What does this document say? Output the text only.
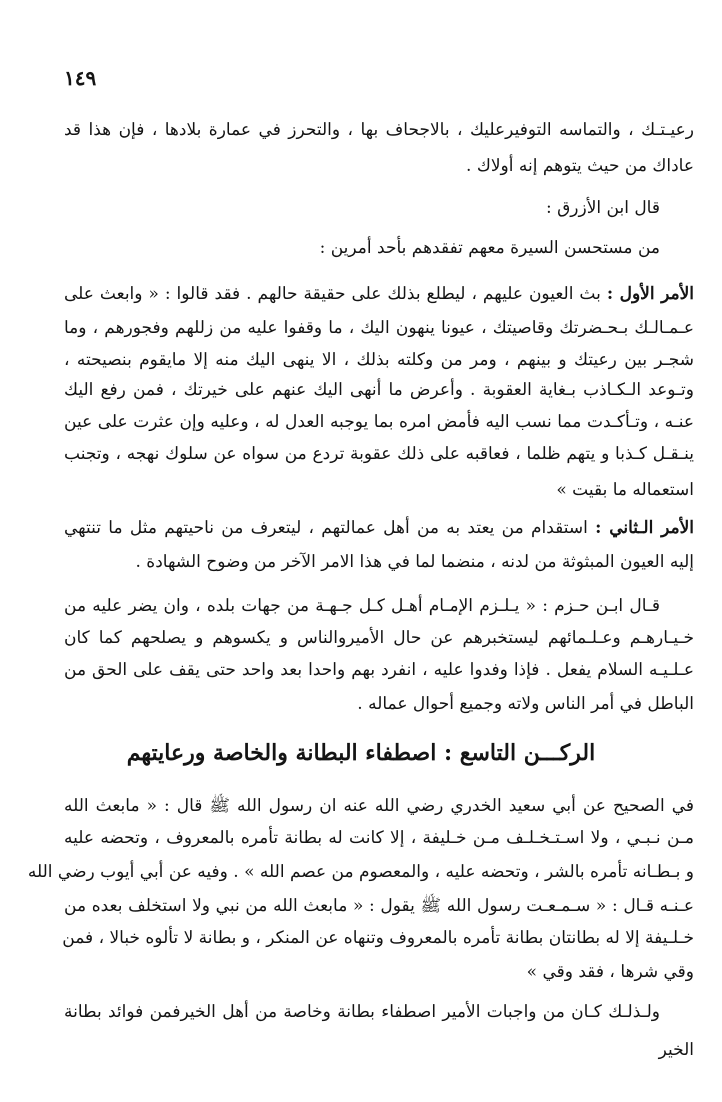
١٤٩
رعيـتـك ، والتماسه التوفيرعليك ، بالاجحاف بها ، والتحرز في عمارة بلادها ، فإن هذا قد
عاداك من حيث يتوهم إنه أولاك .
قال ابن الأزرق :
من مستحسن السيرة معهم تفقدهم بأحد أمرين :
الأمر الأول : بث العيون عليهم ، ليطلع بذلك على حقيقة حالهم . فقد قالوا : « وابعث على
عـمـالـك بـحـضرتك وقاصيتك ، عيونا ينهون اليك ، ما وقفوا عليه من زللهم وفجورهم ، وما
شجـر بين رعيتك و بينهم ، ومر من وكلته بذلك ، الا ينهى اليك منه إلا مايقوم بنصيحته ،
وتـوعد الـكـاذب بـغاية العقوبة . وأعرض ما أنهى اليك عنهم على خيرتك ، فمن رفع اليك
عنـه ، وتـأكـدت مما نسب اليه فأمض امره بما يوجبه العدل له ، وعليه وإن عثرت على عين
ينـقـل كـذبا و يتهم ظلما ، فعاقبه على ذلك عقوبة تردع من سواه عن سلوك نهجه ، وتجنب
استعماله ما بقيت »
الأمر الـثاني : استقدام من يعتد به من أهل عمالتهم ، ليتعرف من ناحيتهم مثل ما تنتهي
إليه العيون المبثوثة من لدنه ، منضما لما في هذا الامر الآخر من وضوح الشهادة .
قـال ابـن حـزم : « يـلـزم الإمـام أهـل كـل جـهـة من جهات بلده ، وان يضر عليه من
خـيـارهـم وعـلـمائهم ليستخبرهم عن حال الأميروالناس و يكسوهم و يصلحهم كما كان
عـلـيـه السلام يفعل . فإذا وفدوا عليه ، انفرد بهم واحدا بعد واحد حتى يقف على الحق من
الباطل في أمر الناس ولاته وجميع أحوال عماله .
الركـــن التاسع : اصطفاء البطانة والخاصة ورعايتهم
في الصحيح عن أبي سعيد الخدري رضي الله عنه ان رسول الله ﷺ قال : « مابعث الله
مـن نـبـي ، ولا اسـتـخـلـف مـن خـليفة ، إلا كانت له بطانة تأمره بالمعروف ، وتحضه عليه
و بـطـانه تأمره بالشر ، وتحضه عليه ، والمعصوم من عصم الله » . وفيه عن أبي أيوب رضي الله
عـنـه قـال : « سـمـعـت رسول الله ﷺ يقول : « مابعث الله من نبي ولا استخلف بعده من
خـلـيفة إلا له بطانتان بطانة تأمره بالمعروف وتنهاه عن المنكر ، و بطانة لا تألوه خبالا ، فمن
وقي شرها ، فقد وقي »
ولـذلـك كـان من واجبات الأمير اصطفاء بطانة وخاصة من أهل الخيرفمن فوائد بطانة
الخير
